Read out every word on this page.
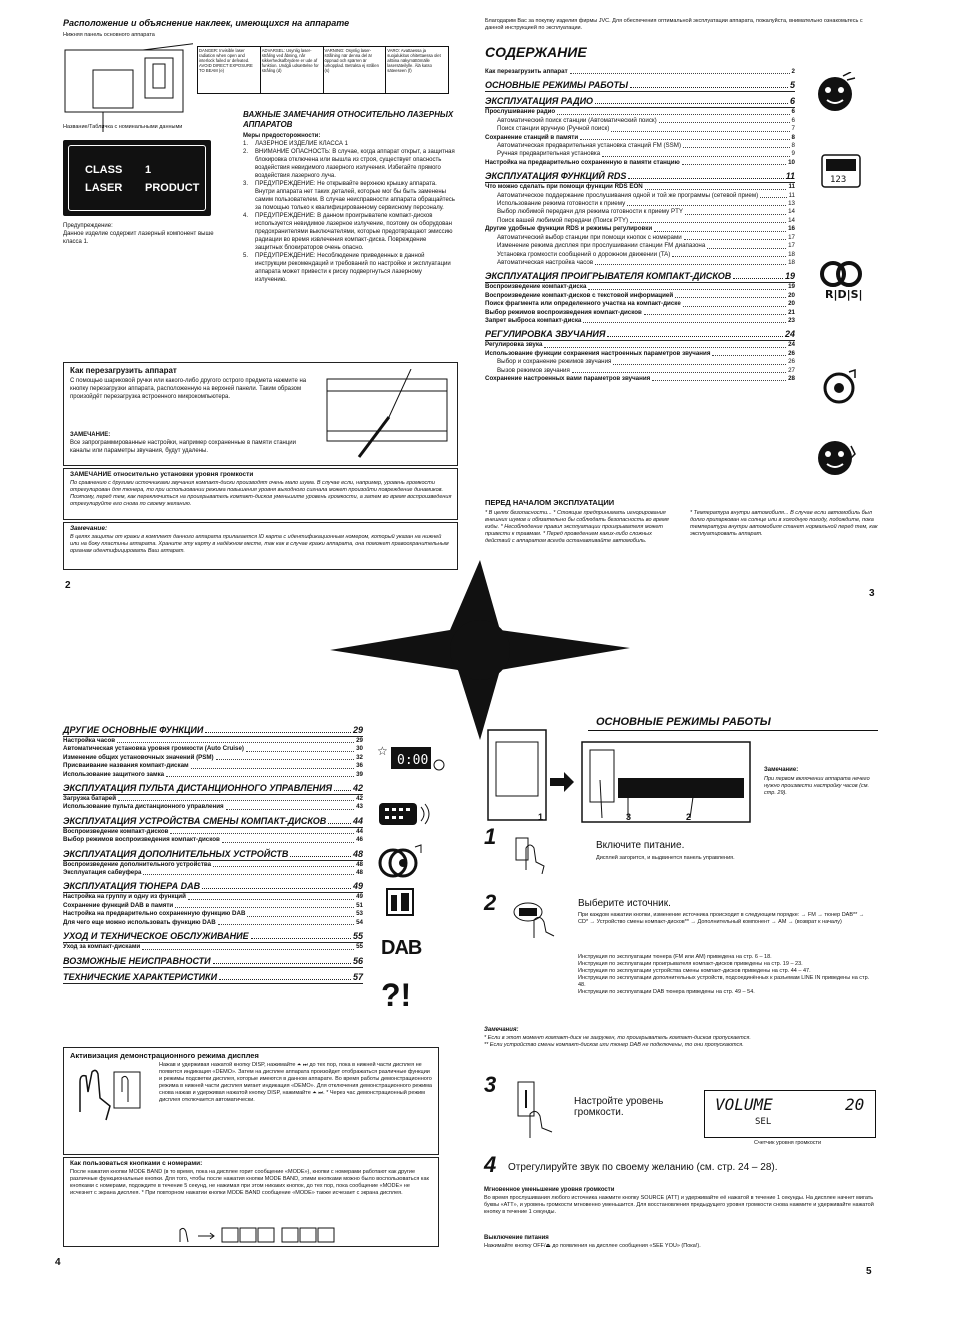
Расположение и объяснение наклеек, имеющихся на аппарате
Нижняя панель основного аппарата
DANGER: Invisible laser radiation when open and interlock failed or defeated. AVOID DIRECT EXPOSURE TO BEAM (e)
ADVARSEL: Usynlig laser-stråling ved åbning, når sikkerhedsafbrydere er ude af funktion. Undgå udsættelse for stråling (d)
VARNING: Osynlig laser-strålning när denna del är öppnad och spärren är urkopplad. Betrakta ej strålen (s)
VARO: Avattaessa ja suojalukitus ohitettaessa olet alttiina näkymättömälle lasersäteilylle. Älä katso säteeseen (f)
Название/Табличка с номинальными данными
CLASS 1
LASER PRODUCT
Предупреждение:
Данное изделие содержит лазерный компонент выше класса 1.
ВАЖНЫЕ ЗАМЕЧАНИЯ ОТНОСИТЕЛЬНО ЛАЗЕРНЫХ АППАРАТОВ
Меры предосторожности:
1.	ЛАЗЕРНОЕ ИЗДЕЛИЕ КЛАССА 1
2.	ВНИМАНИЕ ОПАСНОСТЬ: В случае, когда аппарат открыт, а защитная блокировка отключена или вышла из строя, существует опасность воздействия невидимого лазерного излучения. Избегайте прямого воздействия лазерного луча.
3.	ПРЕДУПРЕЖДЕНИЕ: Не открывайте верхнюю крышку аппарата. Внутри аппарата нет таких деталей, которые мог бы быть заменены самим пользователем. В случае неисправности аппарата обращайтесь за помощью только к квалифицированному сервисному персоналу.
4.	ПРЕДУПРЕЖДЕНИЕ: В данном проигрывателе компакт-дисков используется невидимое лазерное излучение, поэтому он оборудован предохранителями выключателями, которые предотвращают эмиссию радиации во время извлечения компакт-диска. Повреждение защитных блокираторов очень опасно.
5.	ПРЕДУПРЕЖДЕНИЕ: Несоблюдение приведенных в данной инструкции рекомендаций и требований по настройке и эксплуатации аппарата может привести к риску подвергнуться лазерному излучению.
Как перезагрузить аппарат
С помощью шариковой ручки или какого-либо другого острого предмета нажмите на кнопку перезагрузки аппарата, расположенную на верхней панели. Таким образом произойдёт перезагрузка встроенного микрокомпьютера.
ЗАМЕЧАНИЕ:
Все запрограммированные настройки, например сохраненные в памяти станции каналы или параметры звучания, будут удалены.
ЗАМЕЧАНИЕ относительно установки уровня громкости
По сравнению с другими источниками звучания компакт-диски производят очень мало шума. В случае если, например, уровень громкости отрегулирован для тюнера, то при использовании режима повышения уровня выходного сигнала может произойти повреждение динамиков. Поэтому, перед тем, как переключиться на проигрыватель компакт-дисков уменьшите уровень громкости, а затем во время воспроизведения отрегулируйте его снова по своему желанию.
Замечание:
В целях защиты от кражи в комплект данного аппарата прилагается ID карта с идентификационным номером, который указан на нижней или на боку пластины аппарата. Храните эту карту в надёжном месте, так как в случае кражи аппарата, она поможет правоохранительным органам идентифицировать Ваш аппарат.
2
Благодарим Вас за покупку изделия фирмы JVC. Для обеспечения оптимальной эксплуатации аппарата, пожалуйста, внимательно ознакомьтесь с данной инструкцией по эксплуатации.
СОДЕРЖАНИЕ
Как перезагрузить аппарат	2
ОСНОВНЫЕ РЕЖИМЫ РАБОТЫ	5
ЭКСПЛУАТАЦИЯ РАДИО	6
Прослушивание радио	6
Автоматический поиск станции (Автоматический поиск)	6
Поиск станции вручную (Ручной поиск)	7
Сохранение станций в памяти	8
Автоматическая предварительная установка станций FM (SSM)	8
Ручная предварительная установка	9
Настройка на предварительно сохраненную в памяти станцию	10
ЭКСПЛУАТАЦИЯ ФУНКЦИЙ RDS	11
Что можно сделать при помощи функции RDS EON	11
Автоматическое поддержание прослушивания одной и той же программы (сетевой прием)	11
Использование режима готовности к приему	13
Выбор любимой передачи для режима готовности к приему PTY	14
Поиск вашей любимой передачи (Поиск PTY)	14
Другие удобные функции RDS и режимы регулировки	16
Автоматический выбор станции при помощи кнопок с номерами	17
Изменение режима дисплея при прослушивании станции FM диапазона	17
Установка громкости сообщений о дорожном движении (TA)	18
Автоматическая настройка часов	18
ЭКСПЛУАТАЦИЯ ПРОИГРЫВАТЕЛЯ КОМПАКТ-ДИСКОВ	19
Воспроизведение компакт-диска	19
Воспроизведение компакт-дисков с текстовой информацией	20
Поиск фрагмента или определенного участка на компакт-диске	20
Выбор режимов воспроизведения компакт-дисков	21
Запрет выброса компакт-диска	23
РЕГУЛИРОВКА ЗВУЧАНИЯ	24
Регулировка звука	24
Использование функции сохранения настроенных параметров звучания	26
Выбор и сохранение режимов звучания	26
Вызов режимов звучания	27
Сохранение настроенных вами параметров звучания	28
123
R|D|S|
ПЕРЕД НАЧАЛОМ ЭКСПЛУАТАЦИИ
* В целях безопасности... * Стоящие предпринимать игнорирования внешних шумов и обязательно бы соблюдать безопасность во время езды. * Несоблюдение правил эксплуатации проигрывателя может привести к травмам. * Перед проведением каких-либо сложных действий с аппаратом всегда останавливайте автомобиль.
* Температура внутри автомобиля... В случае если автомобиль был долго припаркован на солнце или в холодную погоду, подождите, пока температура внутри автомобиля станет нормальной перед тем, как эксплуатировать аппарат.
3
ДРУГИЕ ОСНОВНЫЕ ФУНКЦИИ	29
Настройка часов	29
Автоматическая установка уровня громкости (Auto Cruise)	30
Изменение общих установочных значений (PSM)	32
Присваивание названия компакт-дискам	36
Использование защитного замка	39
ЭКСПЛУАТАЦИЯ ПУЛЬТА ДИСТАНЦИОННОГО УПРАВЛЕНИЯ 42
Загрузка батарей	42
Использование пульта дистанционного управления	43
ЭКСПЛУАТАЦИЯ УСТРОЙСТВА СМЕНЫ КОМПАКТ-ДИСКОВ	44
Воспроизведение компакт-дисков	44
Выбор режимов воспроизведения компакт-дисков	46
ЭКСПЛУАТАЦИЯ ДОПОЛНИТЕЛЬНЫХ УСТРОЙСТВ	48
Воспроизведение дополнительного устройства	48
Эксплуатация сабвуфера	48
ЭКСПЛУАТАЦИЯ ТЮНЕРА DAB	49
Настройка на группу и одну из функций	49
Сохранение функций DAB в памяти	51
Настройка на предварительно сохраненную функцию DAB	53
Для чего еще можно использовать функцию DAB	54
УХОД И ТЕХНИЧЕСКОЕ ОБСЛУЖИВАНИЕ	55
Уход за компакт-дисками	55
ВОЗМОЖНЫЕ НЕИСПРАВНОСТИ	56
ТЕХНИЧЕСКИЕ ХАРАКТЕРИСТИКИ	57
0:00
☆
DAB
?!
Активизация демонстрационного режима дисплея
Нажав и удерживая нажатой кнопку DISP, нажимайте ⏶ ⏭ до тех пор, пока в нижней части дисплея не появится индикация «DEMO». Затем на дисплее аппарата произойдет отображаться различные функции и режимы подсветки дисплея, которые имеются в данном аппарате. Во время работы демонстрационного режима в нижней части дисплея мигает индикация «DEMO». Для отключения демонстрационного режима снова нажав и удерживая нажатой кнопку DISP, нажимайте ⏶ ⏭. * Через час демонстрационный режим дисплея отключается автоматически.
Как пользоваться кнопками с номерами:
После нажатия кнопки MODE BAND (в то время, пока на дисплее горит сообщение «MODE»), кнопки с номерами работают как другие различные функциональные кнопки. Для того, чтобы после нажатия кнопки MODE BAND, этими кнопками можно было воспользоваться как кнопками с номерами, подождите в течение 5 секунд, не нажимая при этом никаких кнопок, до тех пор, пока сообщение «MODE» не исчезнет с экрана дисплея. * При повторном нажатии кнопки MODE BAND сообщение «MODE» также исчезает с экрана дисплея.
4
ОСНОВНЫЕ РЕЖИМЫ РАБОТЫ
1	3	2
Замечание:
При первом включении аппарата нечего нужно произвести настройку часов (см. стр. 29).
1	Включите питание.
Дисплей загорится, и выдвинется панель управления.
2	Выберите источник.
При каждом нажатии кнопки, изменение источника происходит в следующем порядке: → FM → тюнер DAB** → CD* → Устройство смены компакт-дисков** → Дополнительный компонент → AM → (возврат к началу)
Инструкция по эксплуатации тюнера (FM или AM) приведена на стр. 6 – 18.
Инструкция по эксплуатации проигрывателя компакт-дисков приведены на стр. 19 – 23.
Инструкция по эксплуатации устройства смены компакт-дисков приведены на стр. 44 – 47.
Инструкции по эксплуатации дополнительных устройств, подсоединённых к разъемам LINE IN приведены на стр. 48.
Инструкции по эксплуатации DAB тюнера приведены на стр. 49 – 54.
Замечания:
* Если в этот момент компакт-диск не загружен, то проигрыватель компакт-дисков пропускается.
** Если устройство смены компакт-дисков или тюнер DAB не подключены, то они пропускаются.
3
Настройте уровень громкости.	VOLUME	20
SEL
Счетчик уровня громкости
4 Отрегулируйте звук по своему желанию (см. стр. 24 – 28).
Мгновенное уменьшение уровня громкости
Во время прослушивания любого источника нажмите кнопку SOURCE (ATT) и удерживайте её нажатой в течение 1 секунды. На дисплее начнет мигать буквы «ATT», и уровень громкости мгновенно уменьшится. Для восстановления предыдущего уровня громкости снова нажмите и удерживайте нажатой кнопку в течение 1 секунды.
Выключение питания
Нажимайте кнопку OFF/⏏ до появления на дисплее сообщения «SEE YOU» (Пока!).
5
